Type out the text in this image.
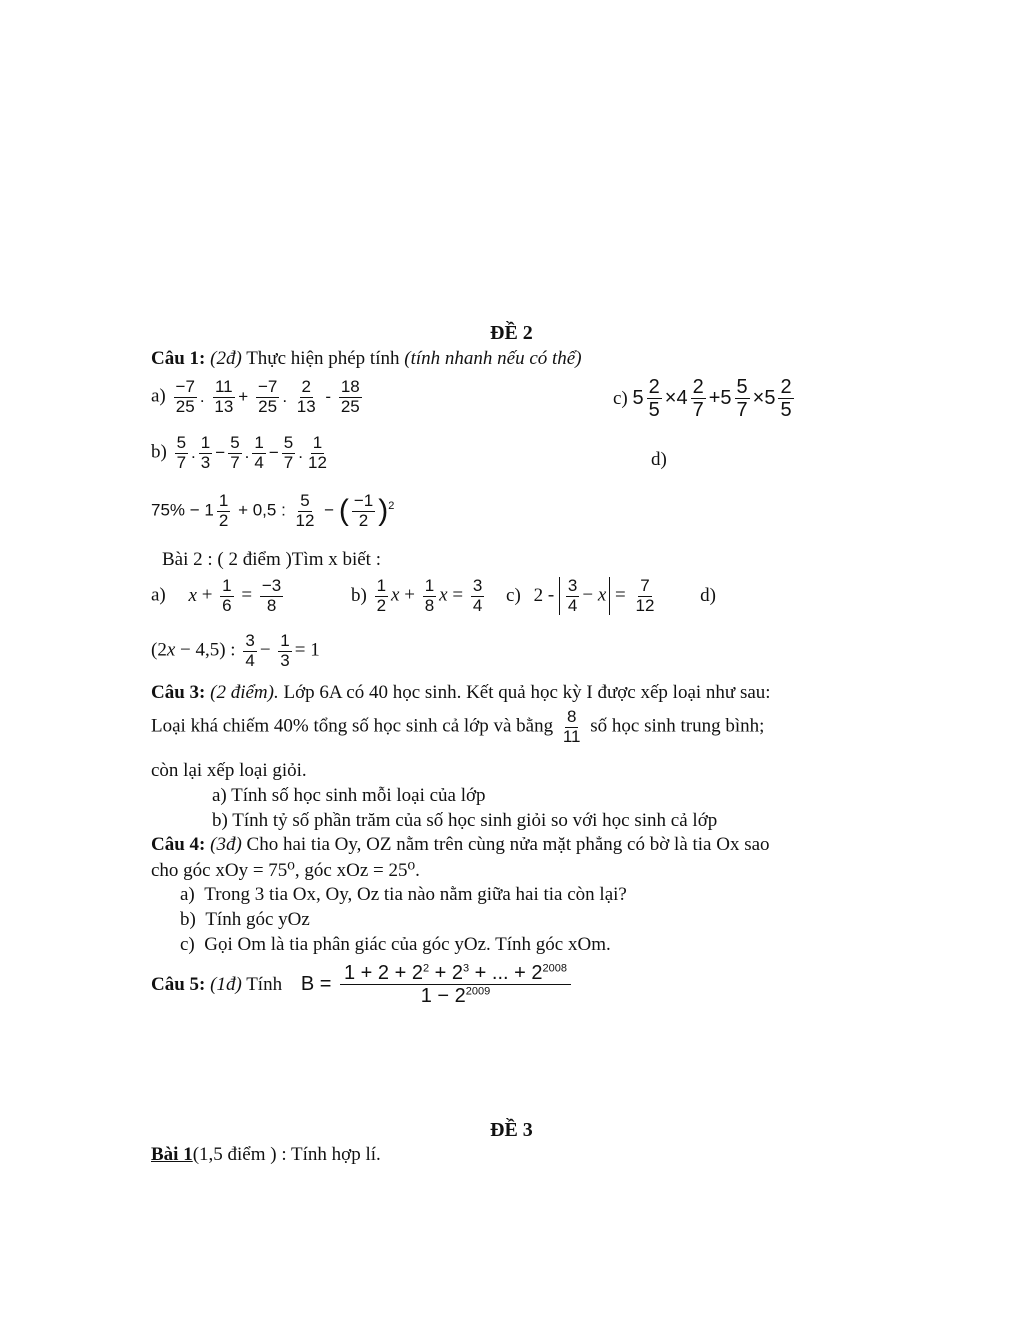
ĐỀ 2
Câu 1: (2đ) Thực hiện phép tính (tính nhanh nếu có thể)
$a) \frac{-7}{25}$ . $\frac{11}{13} + \frac{-7}{25}$ . $\frac{2}{13} - \frac{18}{25}$	c) $5 \frac{2}{5} \times 4 \frac{2}{7} +5 \frac{5}{7} \times 5 \frac{2}{5}$
$b) \frac{5}{7}$ . $\frac{1}{3} - \frac{5}{7}$ . $\frac{1}{4} - \frac{5}{7}$ . $\frac{1}{12}$	d)
$75\% - 1 \frac{1}{2} + 0,5$ : $\frac{5}{12}$ − ( $\frac{-1}{2} )^2$
Bài 2 : ( 2 điểm )Tìm x biết :
a) $x + \frac{1}{6} = \frac{-3}{8}$	$b) \frac{1}{2}$ $x + \frac{1}{8}$ $x = \frac{3}{4} c$) $2 - \frac{3}{4} - x = \frac{7}{12} d$)
(2x − 4,5) : $\frac{3}{4} - \frac{1}{3} = 1$
Câu 3: (2 điểm). Lớp 6A có 40 học sinh. Kết quả học kỳ I được xếp loại như sau:
Loại khá chiếm 40% tổng số học sinh cả lớp và bằng $\frac{8}{11}$ số học sinh trung bình;
còn lại xếp loại giỏi.
a) Tính số học sinh mỗi loại của lớp
b) Tính tỷ số phần trăm của số học sinh giỏi so với học sinh cả lớp
Câu 4: (3đ) Cho hai tia Oy, OZ nằm trên cùng nửa mặt phẳng có bờ là tia Ox sao
cho góc xOy = 75⁰, góc xOz = 25⁰.
a) Trong 3 tia Ox, Oy, Oz tia nào nằm giữa hai tia còn lại?
b) Tính góc yOz
c) Gọi Om là tia phân giác của góc yOz. Tính góc xOm.
Câu 5: (1đ) Tính $B = \frac{1 + 2 + 2^2 + 2^3 + ... + 2^{2008}}{1 - 2^{2009}}$
ĐỀ 3
Bài 1(1,5 điểm ) : Tính hợp lí.
